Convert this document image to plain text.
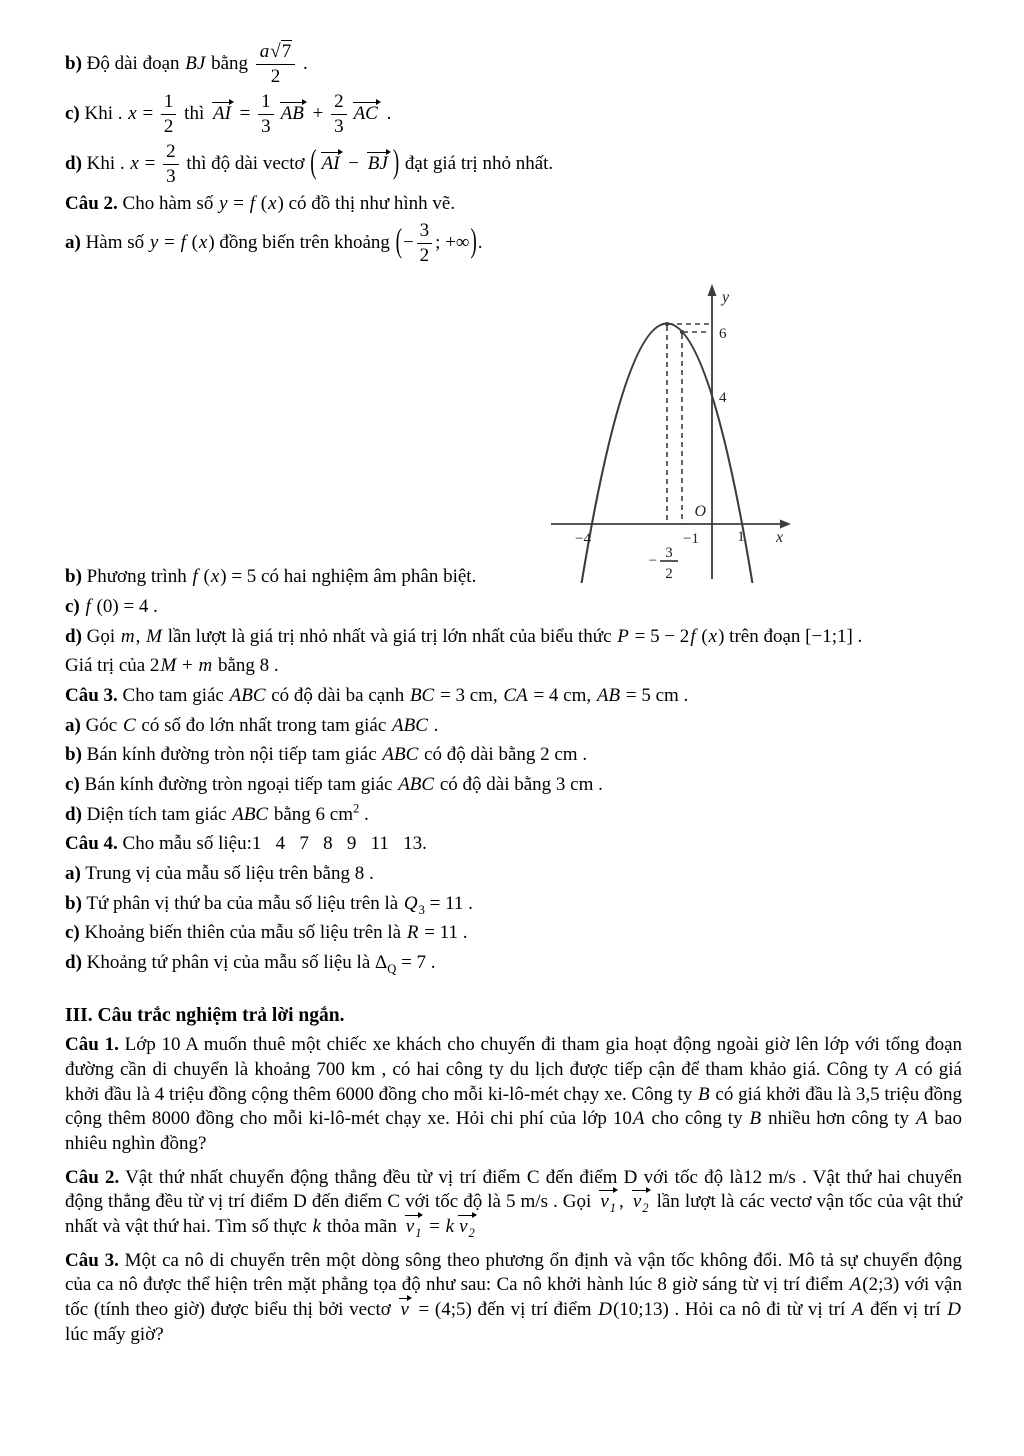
b) Độ dài đoạn BJ bằng $\frac{a√7}{2}$ .

c) Khi . $x = \frac{1}{2}$ thì
AI = $\frac{1}{3}$ AB + $\frac{2}{3}$ AC .

d) Khi . $x = \frac{2}{3}$ thì độ dài vectơ ( AI −
BJ ) đạt giá trị nhỏ nhất.

Câu 2. Cho hàm số y = f (x) có đồ thị như hình vẽ.

a) Hàm số y = f (x) đồng biến trên khoảng (− $\frac{3}{2}$ ; +∞).

y
x
O
6
4
−4	−1	1
− 3
2

b) Phương trình f (x) = 5 có hai nghiệm âm phân biệt.

c) f (0) = 4 .

d) Gọi m, M lần lượt là giá trị nhỏ nhất và giá trị lớn nhất của biểu thức P = 5 − 2f (x) trên đoạn [−1;1] .

Giá trị của 2M + m bằng 8 .

Câu 3. Cho tam giác ABC có độ dài ba cạnh BC = 3 cm, CA = 4 cm, AB = 5 cm .

a) Góc C có số đo lớn nhất trong tam giác ABC .

b) Bán kính đường tròn nội tiếp tam giác ABC có độ dài bằng 2 cm .

c) Bán kính đường tròn ngoại tiếp tam giác ABC có độ dài bằng 3 cm .

d) Diện tích tam giác ABC bằng 6 $cm^2$ .

Câu 4. Cho mẫu số liệu:1   4   7   8   9   11   13.

a) Trung vị của mẫu số liệu trên bằng 8 .

b) Tứ phân vị thứ ba của mẫu số liệu trên là $Q_3 = 11$ .

c) Khoảng biến thiên của mẫu số liệu trên là R = 11 .

d) Khoảng tứ phân vị của mẫu số liệu là $\Delta_Q = 7$ .

III. Câu trắc nghiệm trả lời ngắn.

Câu 1. Lớp 10 A muốn thuê một chiếc xe khách cho chuyến đi tham gia hoạt động ngoài giờ lên lớp với tổng đoạn đường cần di chuyển là khoảng 700 km , có hai công ty du lịch được tiếp cận để tham khảo giá. Công ty A có giá khởi đầu là 4 triệu đồng cộng thêm 6000 đồng cho mỗi ki-lô-mét chạy xe. Công ty B có giá khởi đầu là 3,5 triệu đồng cộng thêm 8000 đồng cho mỗi ki-lô-mét chạy xe. Hỏi chi phí của lớp 10A cho công ty B nhiều hơn công ty A bao nhiêu nghìn đồng?

Câu 2. Vật thứ nhất chuyển động thẳng đều từ vị trí điểm C đến điểm D với tốc độ là12 m/s . Vật thứ hai chuyển động thẳng đều từ vị trí điểm D đến điểm C với tốc độ là 5 m/s . Gọi
$v_1$ ,
$v_2$ lần lượt là các vectơ vận tốc của vật thứ nhất và vật thứ hai. Tìm số thực k thỏa mãn
$v_1 = k$ $v_2$

Câu 3. Một ca nô di chuyển trên một dòng sông theo phương ổn định và vận tốc không đổi. Mô tả sự chuyển động của ca nô được thể hiện trên mặt phẳng tọa độ như sau: Ca nô khởi hành lúc 8 giờ sáng từ vị trí điểm A(2;3) với vận tốc (tính theo giờ) được biểu thị bởi vectơ
v = (4;5) đến vị trí điểm D(10;13) . Hỏi ca nô đi từ vị trí A đến vị trí D lúc mấy giờ?
